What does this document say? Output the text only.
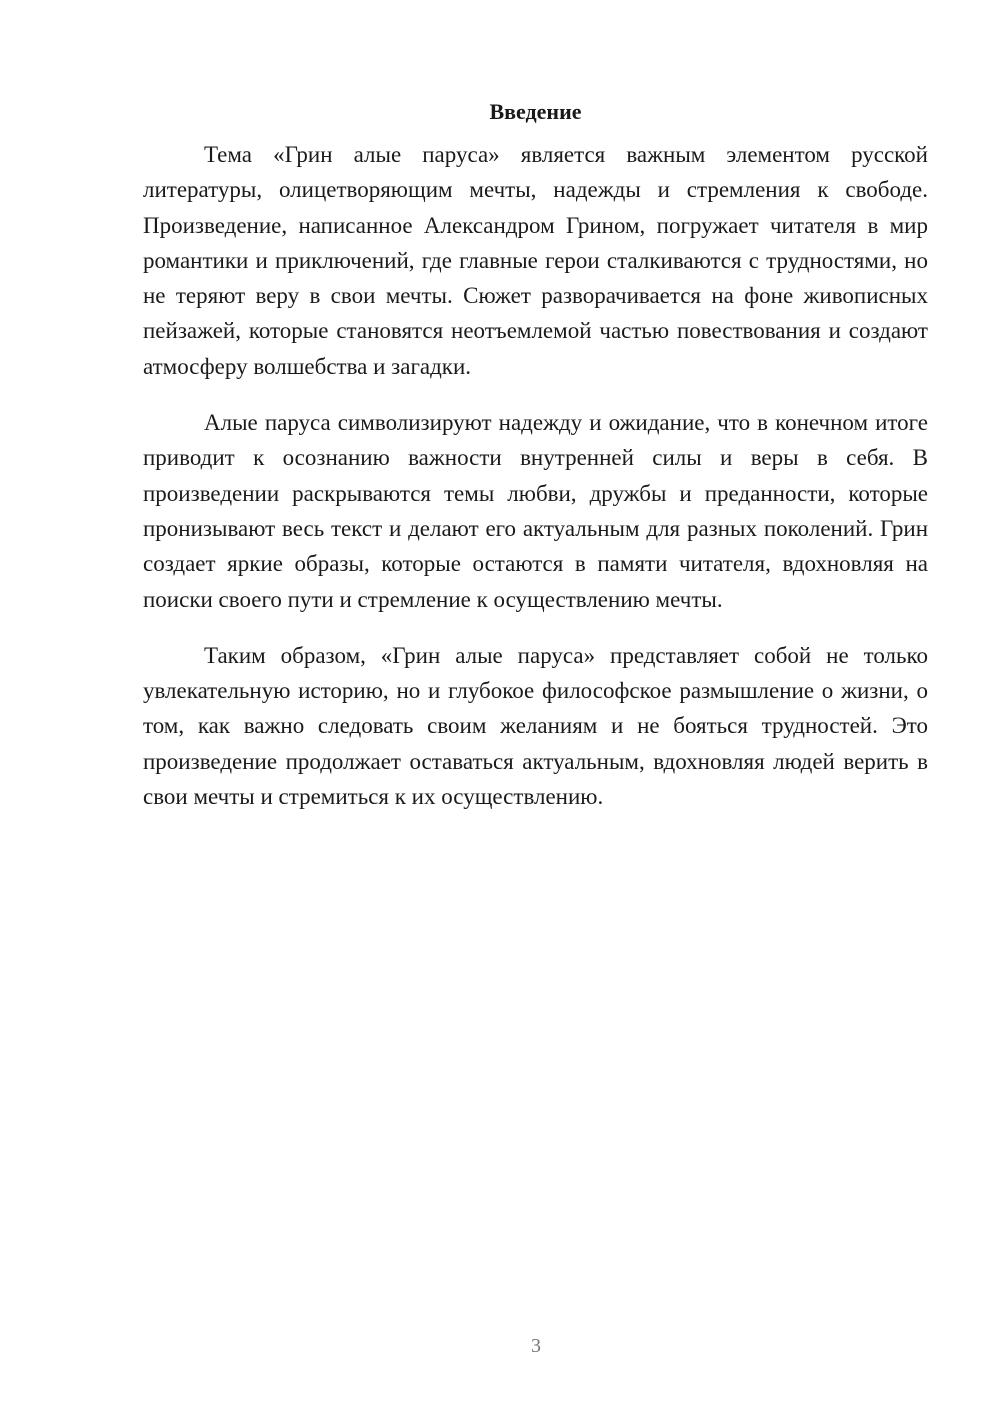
Введение

Тема «Грин алые паруса» является важным элементом русской литературы, олицетворяющим мечты, надежды и стремления к свободе. Произведение, написанное Александром Грином, погружает читателя в мир романтики и приключений, где главные герои сталкиваются с трудностями, но не теряют веру в свои мечты. Сюжет разворачивается на фоне живописных пейзажей, которые становятся неотъемлемой частью повествования и создают атмосферу волшебства и загадки.

Алые паруса символизируют надежду и ожидание, что в конечном итоге приводит к осознанию важности внутренней силы и веры в себя. В произведении раскрываются темы любви, дружбы и преданности, которые пронизывают весь текст и делают его актуальным для разных поколений. Грин создает яркие образы, которые остаются в памяти читателя, вдохновляя на поиски своего пути и стремление к осуществлению мечты.

Таким образом, «Грин алые паруса» представляет собой не только увлекательную историю, но и глубокое философское размышление о жизни, о том, как важно следовать своим желаниям и не бояться трудностей. Это произведение продолжает оставаться актуальным, вдохновляя людей верить в свои мечты и стремиться к их осуществлению.

3
